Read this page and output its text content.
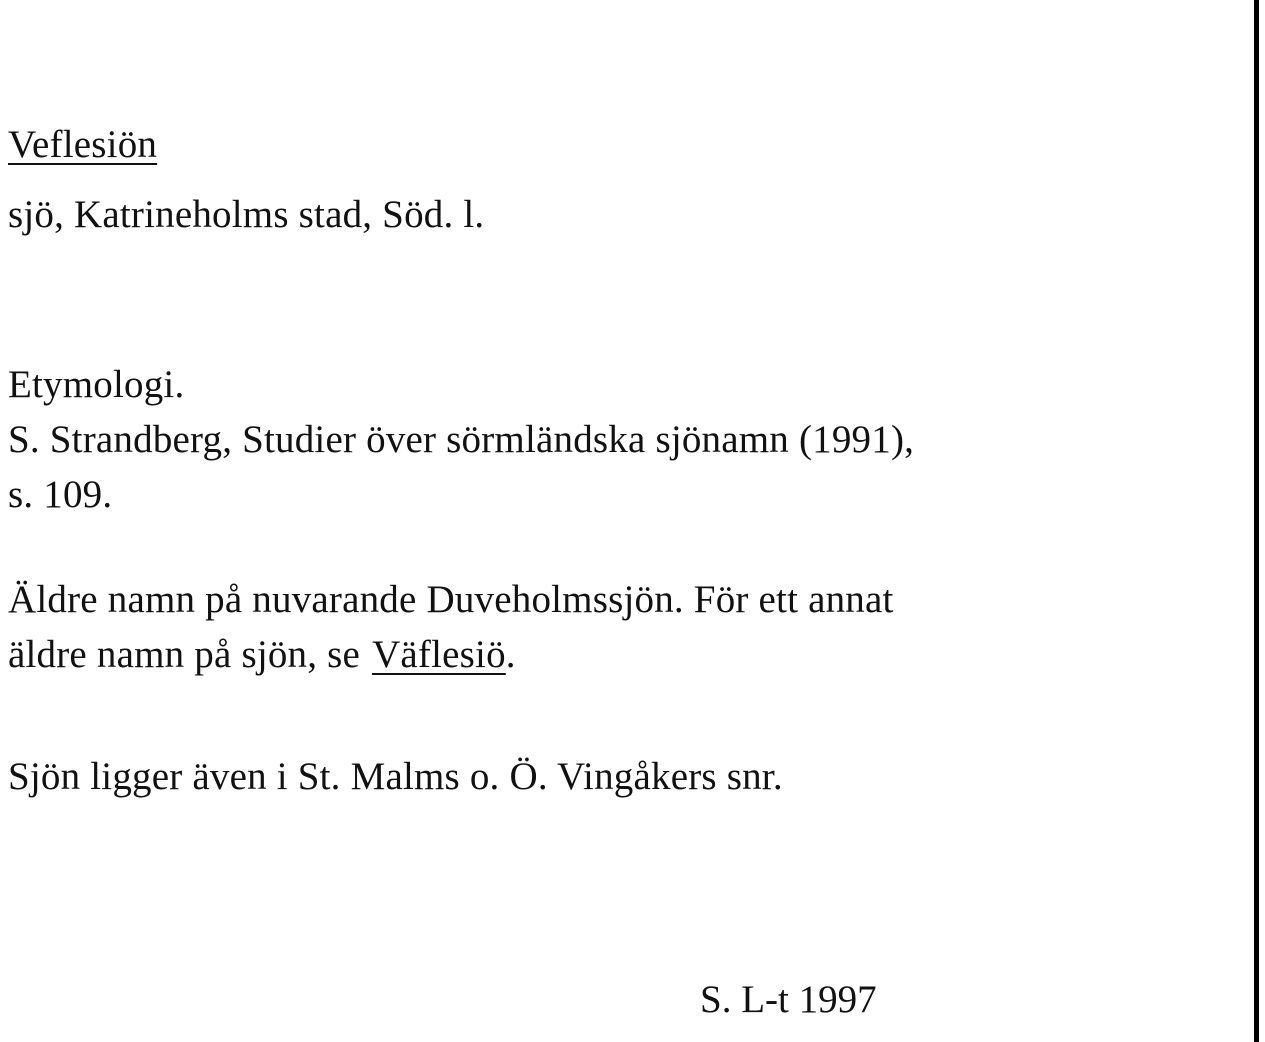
Veflesiön
sjö, Katrineholms stad, Söd. l.
Etymologi.
S. Strandberg, Studier över sörmländska sjönamn (1991),
s. 109.
Äldre namn på nuvarande Duveholmssjön. För ett annat
äldre namn på sjön, se Väflesiö.
Sjön ligger även i St. Malms o. Ö. Vingåkers snr.
S. L-t 1997
